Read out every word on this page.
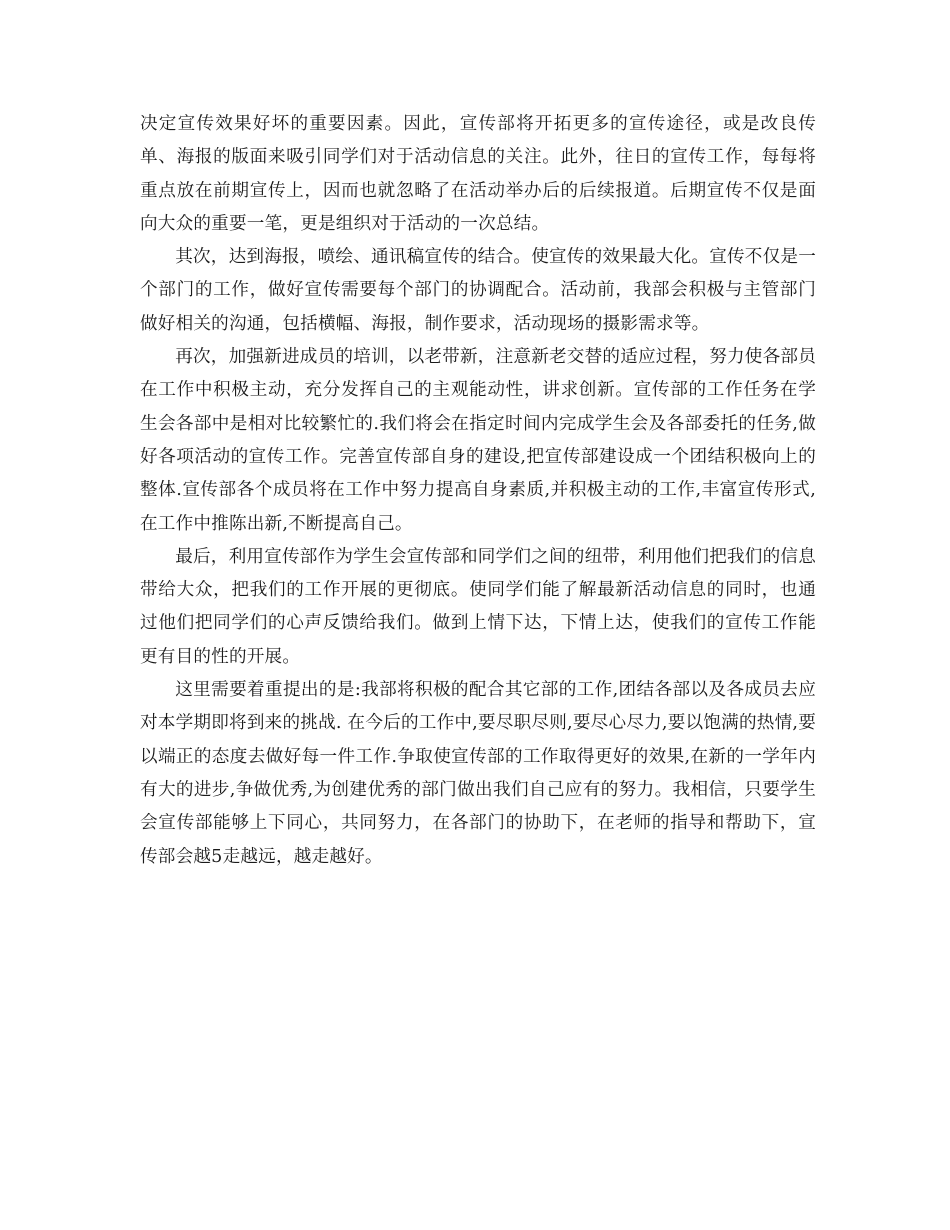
决定宣传效果好坏的重要因素。因此，宣传部将开拓更多的宣传途径，或是改良传单、海报的版面来吸引同学们对于活动信息的关注。此外，往日的宣传工作，每每将重点放在前期宣传上，因而也就忽略了在活动举办后的后续报道。后期宣传不仅是面向大众的重要一笔，更是组织对于活动的一次总结。

其次，达到海报，喷绘、通讯稿宣传的结合。使宣传的效果最大化。宣传不仅是一个部门的工作，做好宣传需要每个部门的协调配合。活动前，我部会积极与主管部门做好相关的沟通，包括横幅、海报，制作要求，活动现场的摄影需求等。

再次，加强新进成员的培训，以老带新，注意新老交替的适应过程，努力使各部员在工作中积极主动，充分发挥自己的主观能动性，讲求创新。宣传部的工作任务在学生会各部中是相对比较繁忙的.我们将会在指定时间内完成学生会及各部委托的任务,做好各项活动的宣传工作。完善宣传部自身的建设,把宣传部建设成一个团结积极向上的整体.宣传部各个成员将在工作中努力提高自身素质,并积极主动的工作,丰富宣传形式,在工作中推陈出新,不断提高自己。

最后，利用宣传部作为学生会宣传部和同学们之间的纽带，利用他们把我们的信息带给大众，把我们的工作开展的更彻底。使同学们能了解最新活动信息的同时，也通过他们把同学们的心声反馈给我们。做到上情下达，下情上达，使我们的宣传工作能更有目的性的开展。

这里需要着重提出的是:我部将积极的配合其它部的工作,团结各部以及各成员去应对本学期即将到来的挑战. 在今后的工作中,要尽职尽则,要尽心尽力,要以饱满的热情,要以端正的态度去做好每一件工作.争取使宣传部的工作取得更好的效果,在新的一学年内有大的进步,争做优秀,为创建优秀的部门做出我们自己应有的努力。我相信，只要学生会宣传部能够上下同心，共同努力，在各部门的协助下，在老师的指导和帮助下，宣传部会越5走越远，越走越好。
